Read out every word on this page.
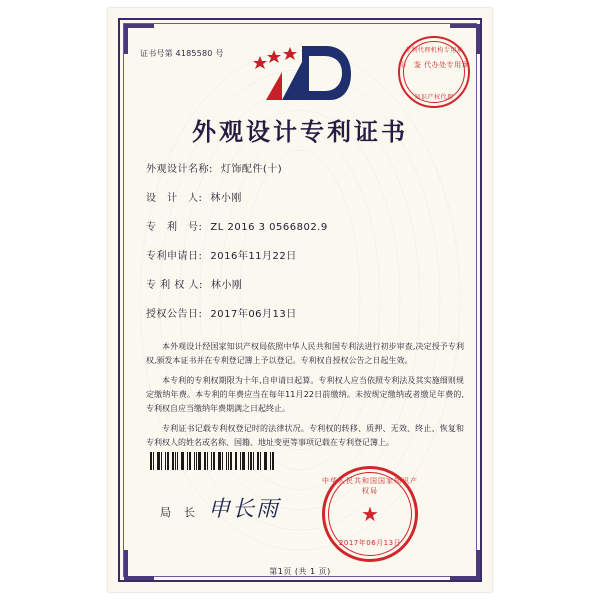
证书号第 4185580 号	专利代理机构专用章
印　鉴 代办处专用章
知识产权代理
外观设计专利证书
外观设计名称: 灯饰配件(十)
设　计　人: 林小刚
专　利　号: ZL 2016 3 0566802.9
专利申请日: 2016年11月22日
专 利 权 人: 林小刚
授权公告日: 2017年06月13日

本外观设计经国家知识产权局依照中华人民共和国专利法进行初步审查,决定授予专利权,颁发本证书并在专利登记簿上予以登记。专利权自授权公告之日起生效。

本专利的专利权期限为十年,自申请日起算。专利权人应当依照专利法及其实施细则规定缴纳年费。本专利的年费应当在每年11月22日前缴纳。未按规定缴纳或者缴足年费的,专利权自应当缴纳年费期满之日起终止。

专利证书记载专利权登记时的法律状况。专利权的转移、质押、无效、终止、恢复和专利权人的姓名或名称、国籍、地址变更等事项记载在专利登记簿上。

局　长 申长雨
中华人民共和国国家知识产权局
★
2017年06月13日
第1页 (共 1 页)
